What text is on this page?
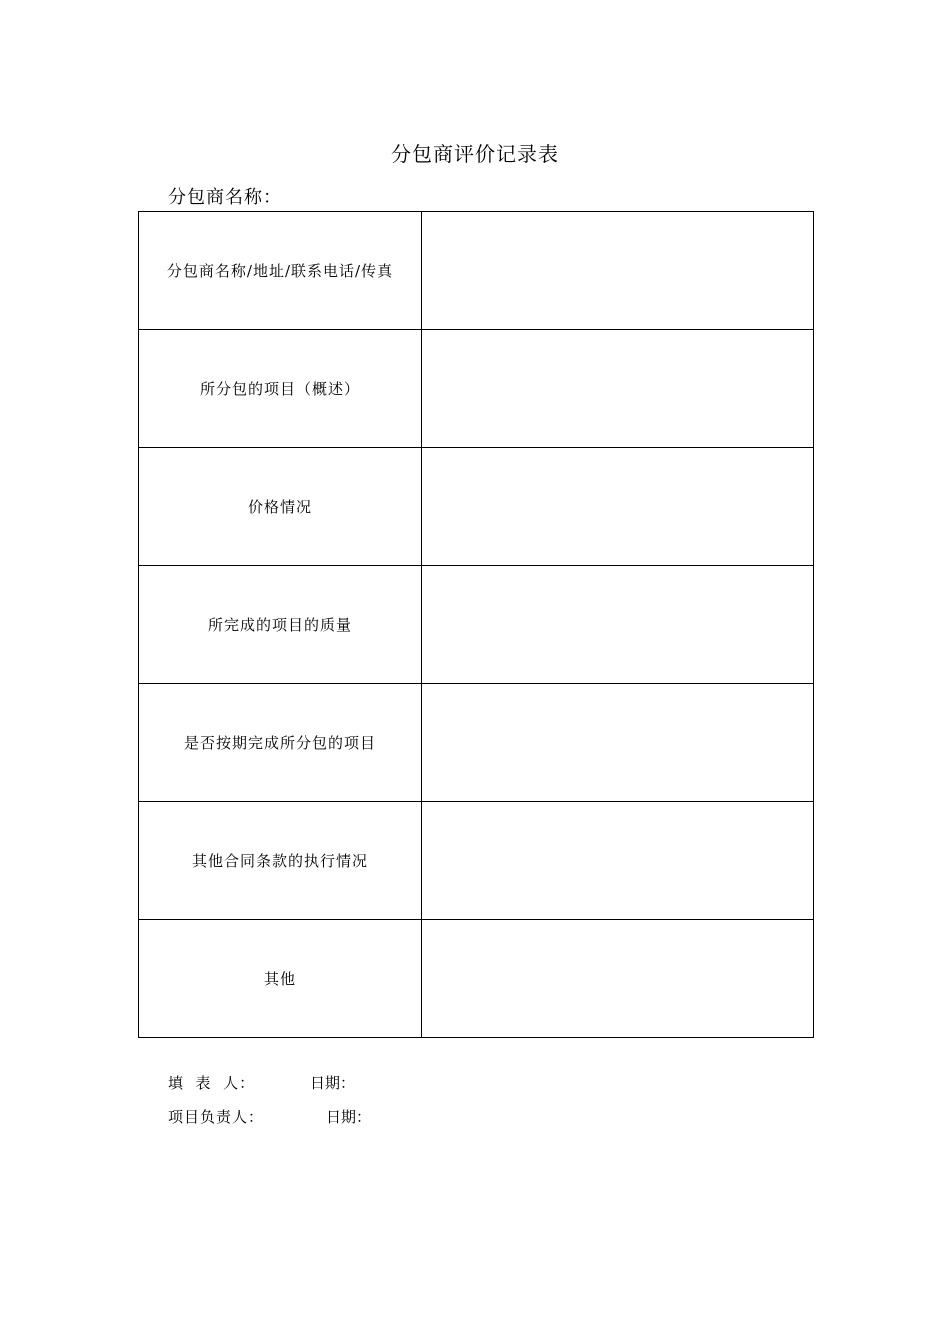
分包商评价记录表
分包商名称：
分包商名称/地址/联系电话/传真	
所分包的项目（概述）	
价格情况	
所完成的项目的质量	
是否按期完成所分包的项目	
其他合同条款的执行情况	
其他	
填  表  人：	日期：
项目负责人：	日期：
